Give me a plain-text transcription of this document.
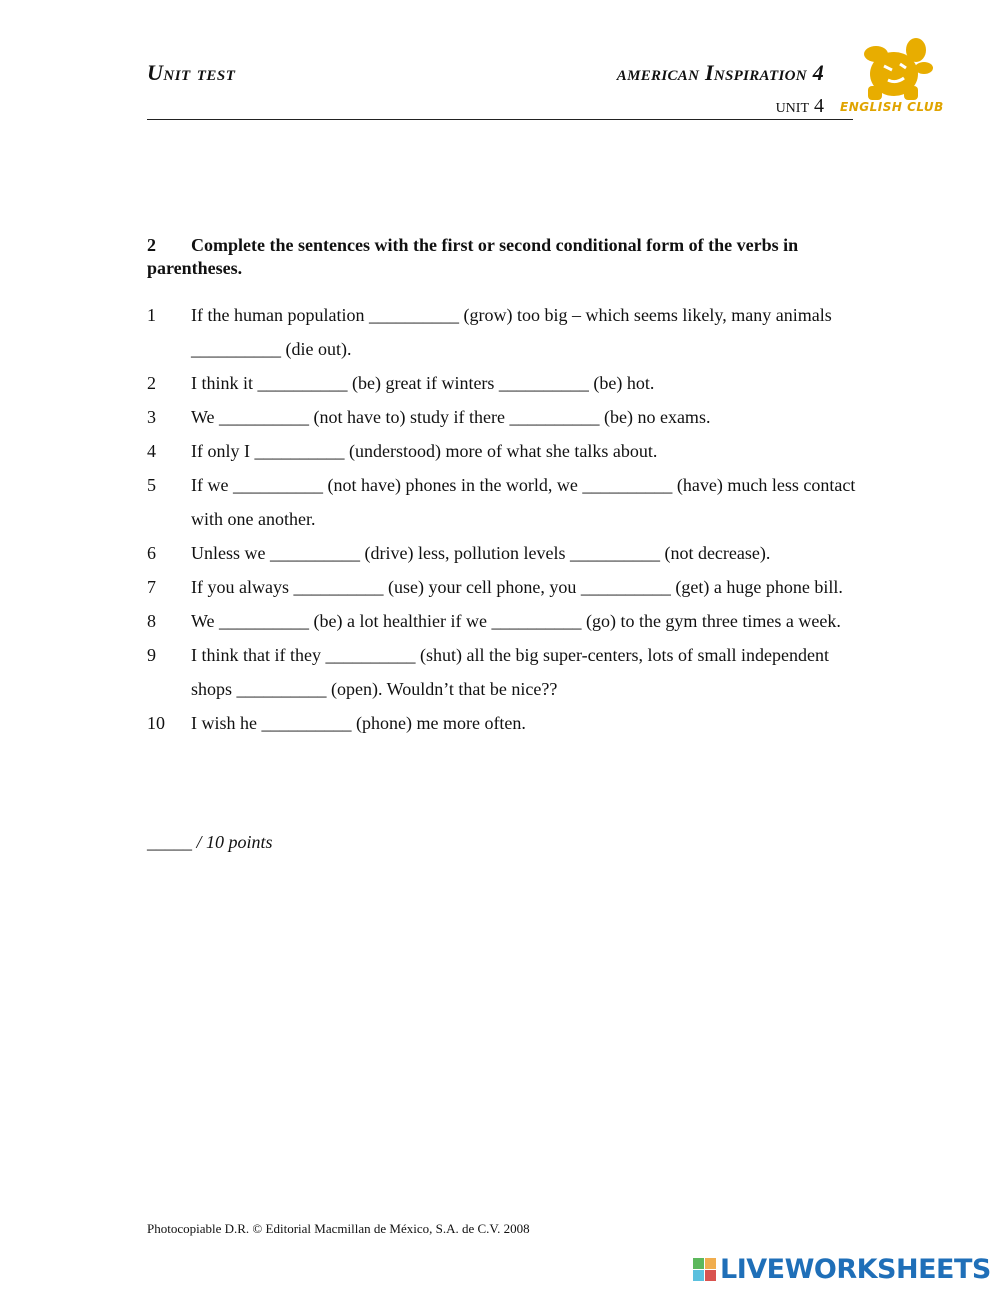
Unit test	american Inspiration 4

unit 4 ENGLISH CLUB

2 Complete the sentences with the first or second conditional form of the verbs in parentheses.

1	If the human population __________ (grow) too big – which seems likely, many animals __________ (die out).
2	I think it __________ (be) great if winters __________ (be) hot.
3	We __________ (not have to) study if there __________ (be) no exams.
4	If only I __________ (understood) more of what she talks about.
5	If we __________ (not have) phones in the world, we __________ (have) much less contact with one another.
6	Unless we __________ (drive) less, pollution levels __________ (not decrease).
7	If you always __________ (use) your cell phone, you __________ (get) a huge phone bill.
8	We __________ (be) a lot healthier if we __________ (go) to the gym three times a week.
9	I think that if they __________ (shut) all the big super-centers, lots of small independent shops __________ (open). Wouldn’t that be nice??
10	I wish he __________ (phone) me more often.

_____ / 10 points

Photocopiable D.R. © Editorial Macmillan de México, S.A. de C.V. 2008

LIVEWORKSHEETS
